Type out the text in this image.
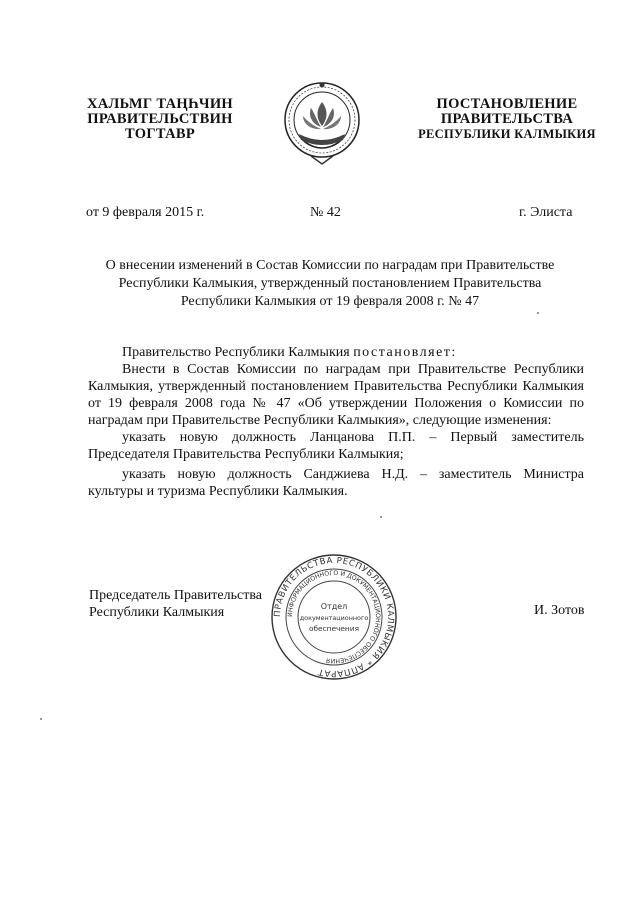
ХАЛЬМГ ТАҢҺЧИН
ПРАВИТЕЛЬСТВИН
ТОГТАВР
ПОСТАНОВЛЕНИЕ
ПРАВИТЕЛЬСТВА
РЕСПУБЛИКИ КАЛМЫКИЯ
от 9 февраля 2015 г.	№ 42	г. Элиста
О внесении изменений в Состав Комиссии по наградам при Правительстве
Республики Калмыкия, утвержденный постановлением Правительства
Республики Калмыкия от 19 февраля 2008 г. № 47

Правительство Республики Калмыкия постановляет:

Внести в Состав Комиссии по наградам при Правительстве Республики Калмыкия, утвержденный постановлением Правительства Республики Калмыкия от 19 февраля 2008 года № 47 «Об утверждении Положения о Комиссии по наградам при Правительстве Республики Калмыкия», следующие изменения:

указать новую должность Ланцанова П.П. – Первый заместитель Председателя Правительства Республики Калмыкия;

указать новую должность Санджиева Н.Д. – заместитель Министра культуры и туризма Республики Калмыкия.

Председатель Правительства
Республики Калмыкия	И. Зотов
ПРАВИТЕЛЬСТВА РЕСПУБЛИКИ КАЛМЫКИЯ * АППАРАТ
ИНФОРМАЦИОННОГО И ДОКУМЕНТАЦИОННОГО ОБЕСПЕЧЕНИЯ
Отдел
документационного
обеспечения
